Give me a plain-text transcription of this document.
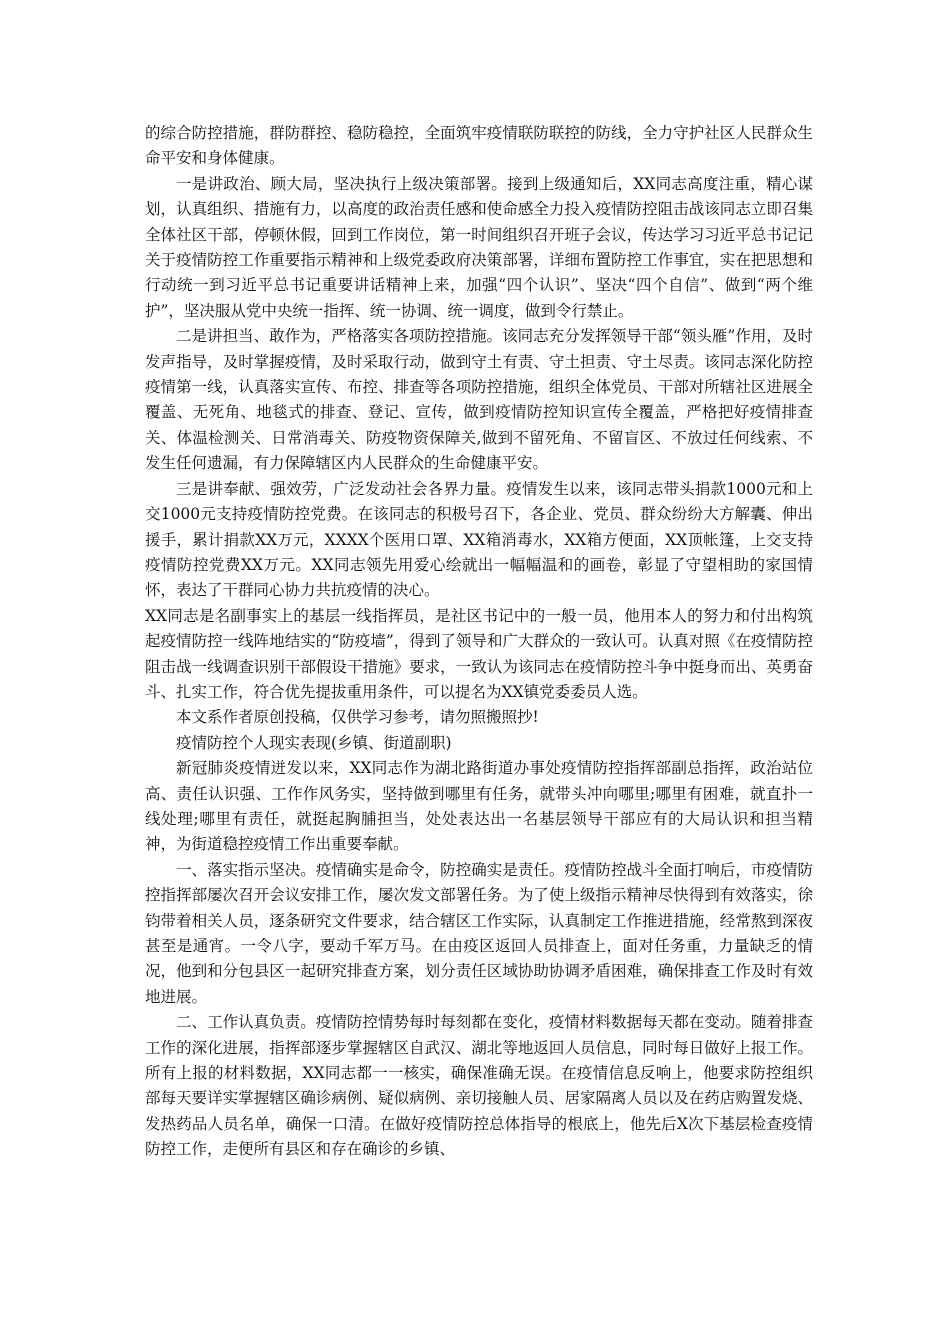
的综合防控措施，群防群控、稳防稳控，全面筑牢疫情联防联控的防线，全力守护社区人民群众生命平安和身体健康。

一是讲政治、顾大局，坚决执行上级决策部署。接到上级通知后，XX同志高度注重，精心谋划，认真组织、措施有力，以高度的政治责任感和使命感全力投入疫情防控阻击战该同志立即召集全体社区干部，停顿休假，回到工作岗位，第一时间组织召开班子会议，传达学习习近平总书记记关于疫情防控工作重要指示精神和上级党委政府决策部署，详细布置防控工作事宜，实在把思想和行动统一到习近平总书记重要讲话精神上来，加强“四个认识”、坚决“四个自信”、做到“两个维护”，坚决服从党中央统一指挥、统一协调、统一调度，做到令行禁止。

二是讲担当、敢作为，严格落实各项防控措施。该同志充分发挥领导干部“领头雁”作用，及时发声指导，及时掌握疫情，及时采取行动，做到守土有责、守土担责、守土尽责。该同志深化防控疫情第一线，认真落实宣传、布控、排查等各项防控措施，组织全体党员、干部对所辖社区进展全覆盖、无死角、地毯式的排查、登记、宣传，做到疫情防控知识宣传全覆盖，严格把好疫情排查关、体温检测关、日常消毒关、防疫物资保障关,做到不留死角、不留盲区、不放过任何线索、不发生任何遗漏，有力保障辖区内人民群众的生命健康平安。

三是讲奉献、强效劳，广泛发动社会各界力量。疫情发生以来，该同志带头捐款1000元和上交1000元支持疫情防控党费。在该同志的积极号召下，各企业、党员、群众纷纷大方解囊、伸出援手，累计捐款XX万元，XXXX个医用口罩、XX箱消毒水，XX箱方便面，XX顶帐篷，上交支持疫情防控党费XX万元。XX同志领先用爱心绘就出一幅幅温和的画卷，彰显了守望相助的家国情怀，表达了干群同心协力共抗疫情的决心。

XX同志是名副事实上的基层一线指挥员，是社区书记中的一般一员，他用本人的努力和付出构筑起疫情防控一线阵地结实的“防疫墙”，得到了领导和广大群众的一致认可。认真对照《在疫情防控阻击战一线调查识别干部假设干措施》要求，一致认为该同志在疫情防控斗争中挺身而出、英勇奋斗、扎实工作，符合优先提拔重用条件，可以提名为XX镇党委委员人选。

本文系作者原创投稿，仅供学习参考，请勿照搬照抄!

疫情防控个人现实表现(乡镇、街道副职)

新冠肺炎疫情迸发以来，XX同志作为湖北路街道办事处疫情防控指挥部副总指挥，政治站位高、责任认识强、工作作风务实，坚持做到哪里有任务，就带头冲向哪里;哪里有困难，就直扑一线处理;哪里有责任，就挺起胸脯担当，处处表达出一名基层领导干部应有的大局认识和担当精神，为街道稳控疫情工作出重要奉献。

一、落实指示坚决。疫情确实是命令，防控确实是责任。疫情防控战斗全面打响后，市疫情防控指挥部屡次召开会议安排工作，屡次发文部署任务。为了使上级指示精神尽快得到有效落实，徐钧带着相关人员，逐条研究文件要求，结合辖区工作实际，认真制定工作推进措施，经常熬到深夜甚至是通宵。一令八字，要动千军万马。在由疫区返回人员排查上，面对任务重，力量缺乏的情况，他到和分包县区一起研究排查方案，划分责任区域协助协调矛盾困难，确保排查工作及时有效地进展。

二、工作认真负责。疫情防控情势每时每刻都在变化，疫情材料数据每天都在变动。随着排查工作的深化进展，指挥部逐步掌握辖区自武汉、湖北等地返回人员信息，同时每日做好上报工作。所有上报的材料数据，XX同志都一一核实，确保准确无误。在疫情信息反响上，他要求防控组织部每天要详实掌握辖区确诊病例、疑似病例、亲切接触人员、居家隔离人员以及在药店购置发烧、发热药品人员名单，确保一口清。在做好疫情防控总体指导的根底上，他先后X次下基层检查疫情防控工作，走便所有县区和存在确诊的乡镇、
